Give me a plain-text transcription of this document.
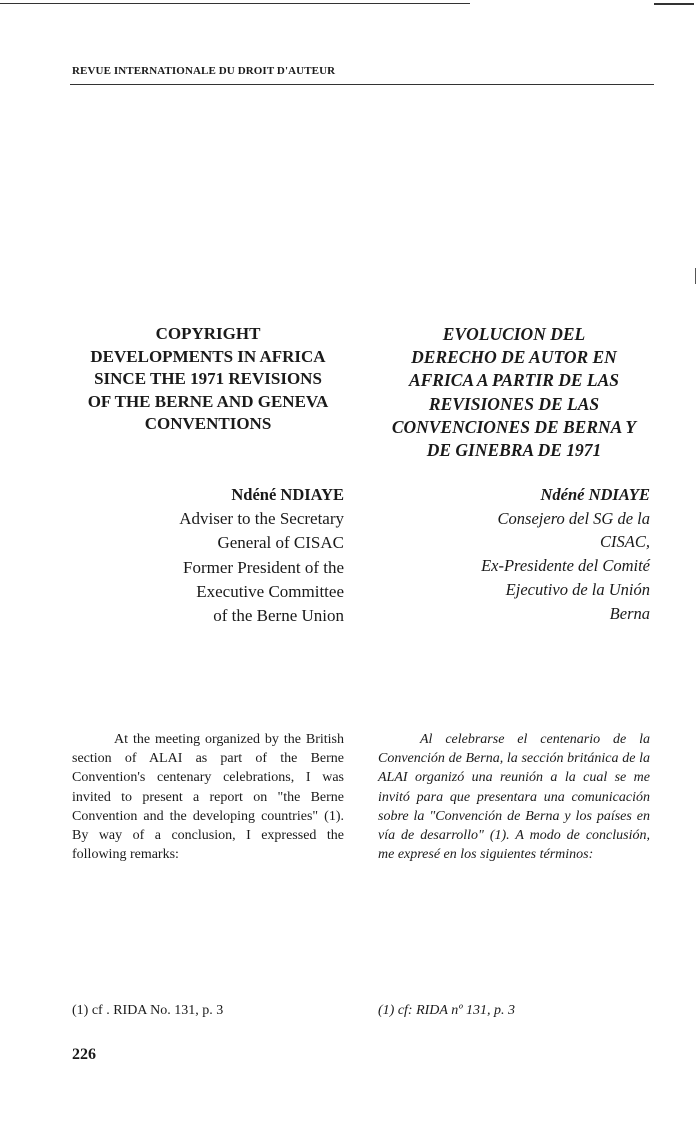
REVUE INTERNATIONALE DU DROIT D'AUTEUR
COPYRIGHT
DEVELOPMENTS IN AFRICA
SINCE THE 1971 REVISIONS
OF THE BERNE AND GENEVA
CONVENTIONS
EVOLUCION DEL
DERECHO DE AUTOR EN
AFRICA A PARTIR DE LAS
REVISIONES DE LAS
CONVENCIONES DE BERNA Y
DE GINEBRA DE 1971
Ndéné NDIAYE
Adviser to the Secretary
General of CISAC
Former President of the
Executive Committee
of the Berne Union
Ndéné NDIAYE
Consejero del SG de la
CISAC,
Ex-Presidente del Comité
Ejecutivo de la Unión
Berna

At the meeting organized by the British section of ALAI as part of the Berne Convention's centenary celebrations, I was invited to present a report on "the Berne Convention and the developing countries" (1). By way of a conclusion, I expressed the following remarks:

Al celebrarse el centenario de la Convención de Berna, la sección británica de la ALAI organizó una reunión a la cual se me invitó para que presentara una comunicación sobre la "Convención de Berna y los países en vía de desarrollo" (1). A modo de conclusión, me expresé en los siguientes términos:

(1) cf . RIDA No. 131, p. 3	(1) cf: RIDA nº 131, p. 3
226
